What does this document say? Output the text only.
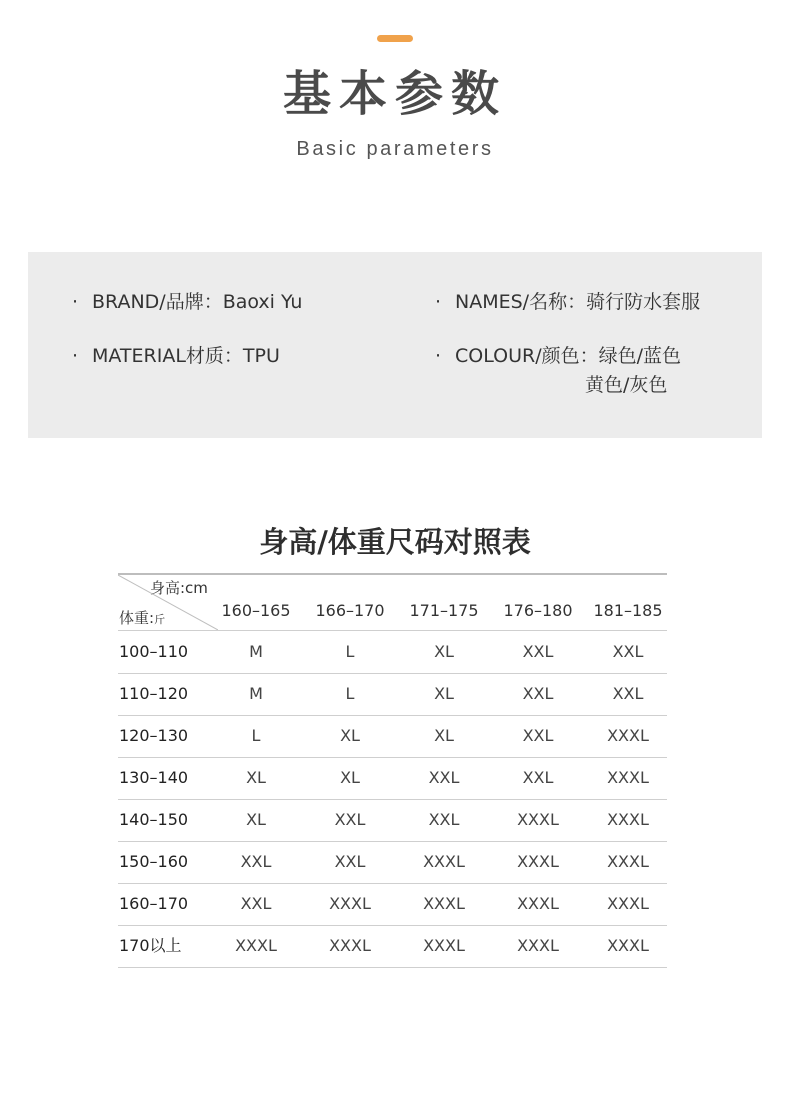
基本参数
Basic parameters
· BRAND/品牌：Baoxi Yu	· NAMES/名称：骑行防水套服
· MATERIAL材质：TPU	· COLOUR/颜色：绿色/蓝色
黄色/灰色
身高/体重尺码对照表
身高:cm
体重:斤	160–165	166–170	171–175	176–180	181–185
100–110	M	L	XL	XXL	XXL
110–120	M	L	XL	XXL	XXL
120–130	L	XL	XL	XXL	XXXL
130–140	XL	XL	XXL	XXL	XXXL
140–150	XL	XXL	XXL	XXXL	XXXL
150–160	XXL	XXL	XXXL	XXXL	XXXL
160–170	XXL	XXXL	XXXL	XXXL	XXXL
170以上	XXXL	XXXL	XXXL	XXXL	XXXL
